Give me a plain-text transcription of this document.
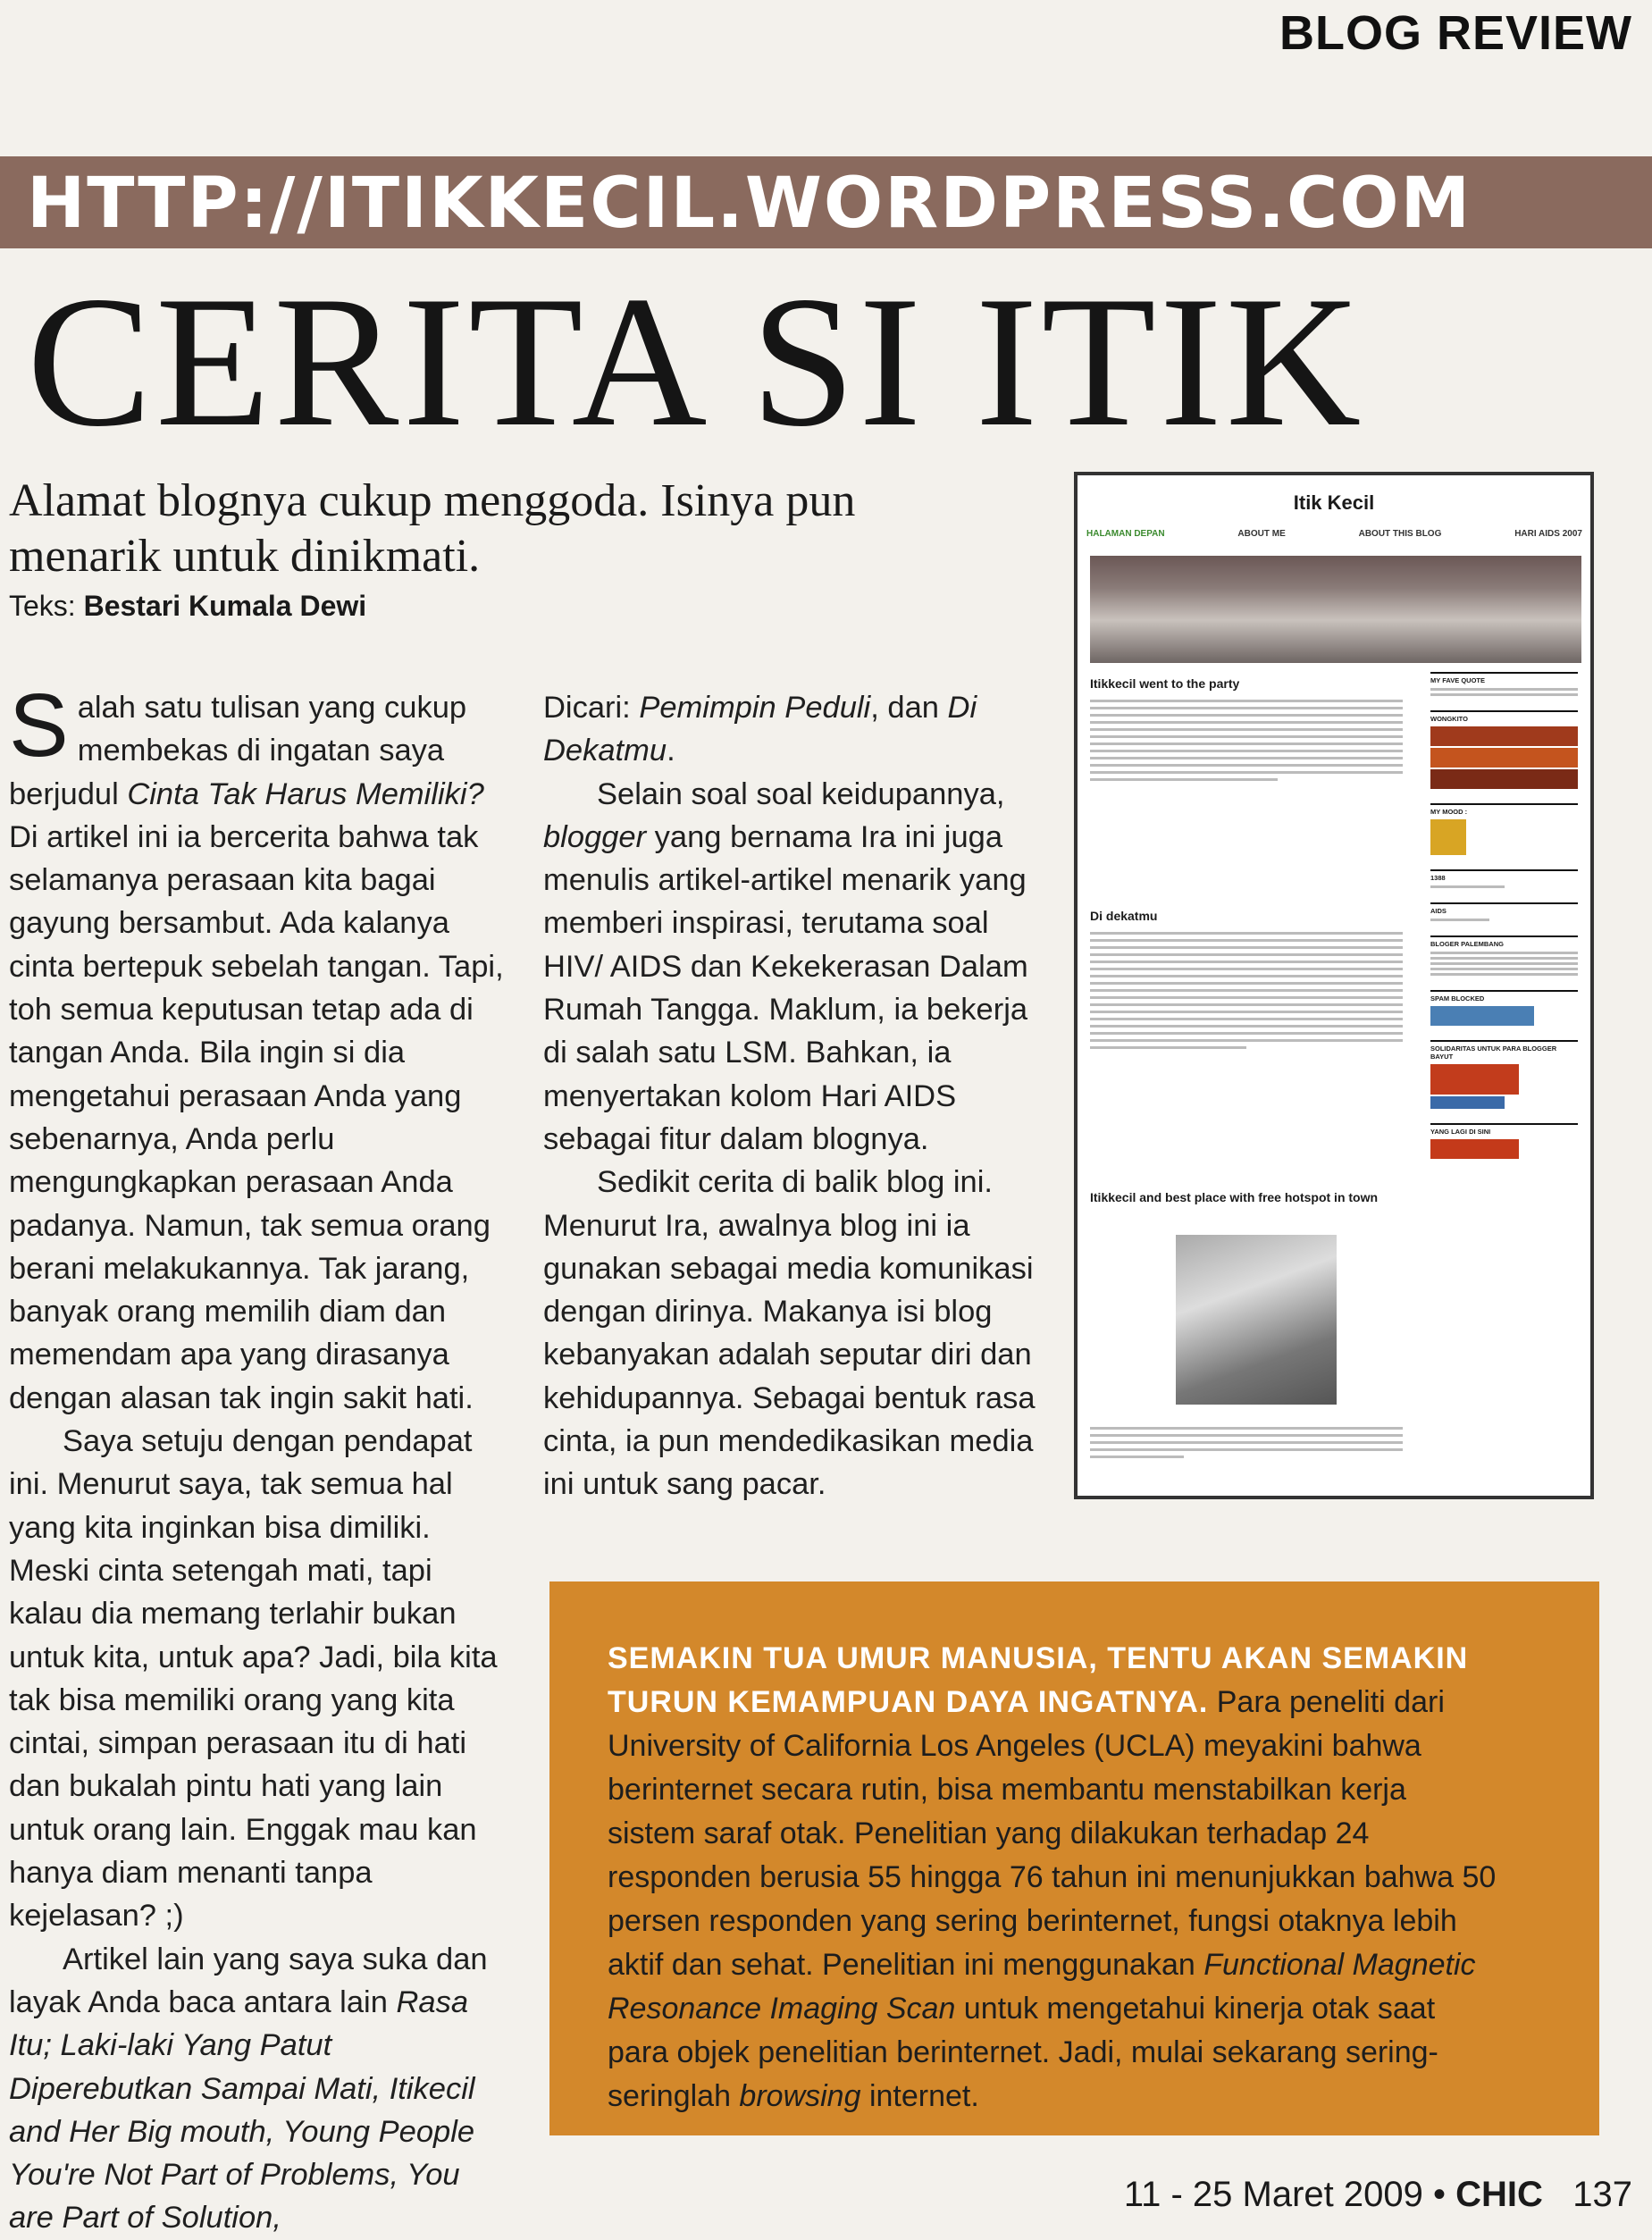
BLOG REVIEW
HTTP://ITIKKECIL.WORDPRESS.COM
CERITA SI ITIK
Alamat blognya cukup menggoda. Isinya pun menarik untuk dinikmati.
Teks: Bestari Kumala Dewi

Salah satu tulisan yang cukup membekas di ingatan saya berjudul Cinta Tak Harus Memiliki? Di artikel ini ia bercerita bahwa tak selamanya perasaan kita bagai gayung bersambut. Ada kalanya cinta bertepuk sebelah tangan. Tapi, toh semua keputusan tetap ada di tangan Anda. Bila ingin si dia mengetahui perasaan Anda yang sebenarnya, Anda perlu mengungkapkan perasaan Anda padanya. Namun, tak semua orang berani melakukannya. Tak jarang, banyak orang memilih diam dan memendam apa yang dirasanya dengan alasan tak ingin sakit hati.

Saya setuju dengan pendapat ini. Menurut saya, tak semua hal yang kita inginkan bisa dimiliki. Meski cinta setengah mati, tapi kalau dia memang terlahir bukan untuk kita, untuk apa? Jadi, bila kita tak bisa memiliki orang yang kita cintai, simpan perasaan itu di hati dan bukalah pintu hati yang lain untuk orang lain. Enggak mau kan hanya diam menanti tanpa kejelasan? ;)

Artikel lain yang saya suka dan layak Anda baca antara lain Rasa Itu; Laki-laki Yang Patut Diperebutkan Sampai Mati, Itikecil and Her Big mouth, Young People You're Not Part of Problems, You are Part of Solution,

Dicari: Pemimpin Peduli, dan Di Dekatmu.

Selain soal soal keidupannya, blogger yang bernama Ira ini juga menulis artikel-artikel menarik yang memberi inspirasi, terutama soal HIV/ AIDS dan Kekekerasan Dalam Rumah Tangga. Maklum, ia bekerja di salah satu LSM. Bahkan, ia menyertakan kolom Hari AIDS sebagai fitur dalam blognya.

Sedikit cerita di balik blog ini. Menurut Ira, awalnya blog ini ia gunakan sebagai media komunikasi dengan dirinya. Makanya isi blog kebanyakan adalah seputar diri dan kehidupannya. Sebagai bentuk rasa cinta, ia pun mendedikasikan media ini untuk sang pacar.

Itik Kecil
HALAMAN DEPAN	ABOUT ME	ABOUT THIS BLOG	HARI AIDS 2007
Itikkecil went to the party
Di dekatmu
Itikkecil and best place with free hotspot in town
MY FAVE QUOTE
WONGKITO
MY MOOD :
1388
AIDS
BLOGER PALEMBANG
SPAM BLOCKED
SOLIDARITAS UNTUK PARA BLOGGER BAYUT
YANG LAGI DI SINI
SEMAKIN TUA UMUR MANUSIA, TENTU AKAN SEMAKIN TURUN KEMAMPUAN DAYA INGATNYA. Para peneliti dari University of California Los Angeles (UCLA) meyakini bahwa berinternet secara rutin, bisa membantu menstabilkan kerja sistem saraf otak. Penelitian yang dilakukan terhadap 24 responden berusia 55 hingga 76 tahun ini menunjukkan bahwa 50 persen responden yang sering berinternet, fungsi otaknya lebih aktif dan sehat. Penelitian ini menggunakan Functional Magnetic Resonance Imaging Scan untuk mengetahui kinerja otak saat para objek penelitian berinternet. Jadi, mulai sekarang sering-seringlah browsing internet.
11 - 25 Maret 2009 • CHIC 137
